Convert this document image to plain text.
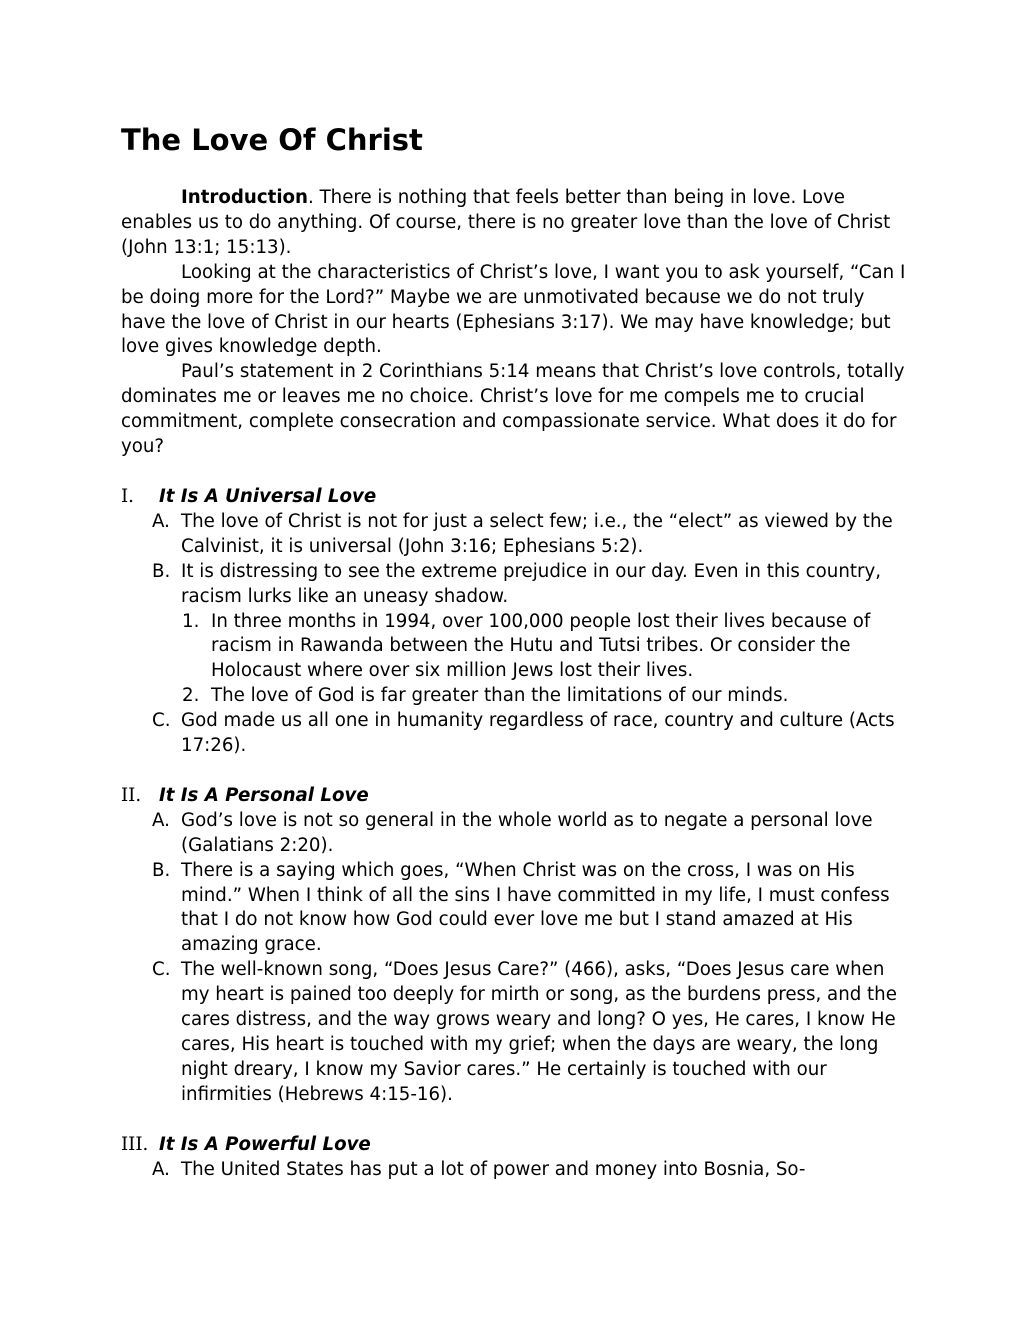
The Love Of Christ

Introduction. There is nothing that feels better than being in love. Love enables us to do anything. Of course, there is no greater love than the love of Christ (John 13:1; 15:13).

Looking at the characteristics of Christ’s love, I want you to ask yourself, “Can I be doing more for the Lord?” Maybe we are unmotivated because we do not truly have the love of Christ in our hearts (Ephesians 3:17). We may have knowledge; but love gives knowledge depth.

Paul’s statement in 2 Corinthians 5:14 means that Christ’s love controls, totally dominates me or leaves me no choice. Christ’s love for me compels me to crucial commitment, complete consecration and compassionate service. What does it do for you?

I.	It Is A Universal Love
A. The love of Christ is not for just a select few; i.e., the “elect” as viewed by the Calvinist, it is universal (John 3:16; Ephesians 5:2).
B. It is distressing to see the extreme prejudice in our day. Even in this country, racism lurks like an uneasy shadow.
1. In three months in 1994, over 100,000 people lost their lives because of racism in Rawanda between the Hutu and Tutsi tribes. Or consider the Holocaust where over six million Jews lost their lives.
2. The love of God is far greater than the limitations of our minds.
C. God made us all one in humanity regardless of race, country and culture (Acts 17:26).
II. It Is A Personal Love
A. God’s love is not so general in the whole world as to negate a personal love (Galatians 2:20).
B. There is a saying which goes, “When Christ was on the cross, I was on His mind.” When I think of all the sins I have committed in my life, I must confess that I do not know how God could ever love me but I stand amazed at His amazing grace.
C. The well-known song, “Does Jesus Care?” (466), asks, “Does Jesus care when my heart is pained too deeply for mirth or song, as the burdens press, and the cares distress, and the way grows weary and long? O yes, He cares, I know He cares, His heart is touched with my grief; when the days are weary, the long night dreary, I know my Savior cares.” He certainly is touched with our infirmities (Hebrews 4:15-16).
III. It Is A Powerful Love
A. The United States has put a lot of power and money into Bosnia, So-
